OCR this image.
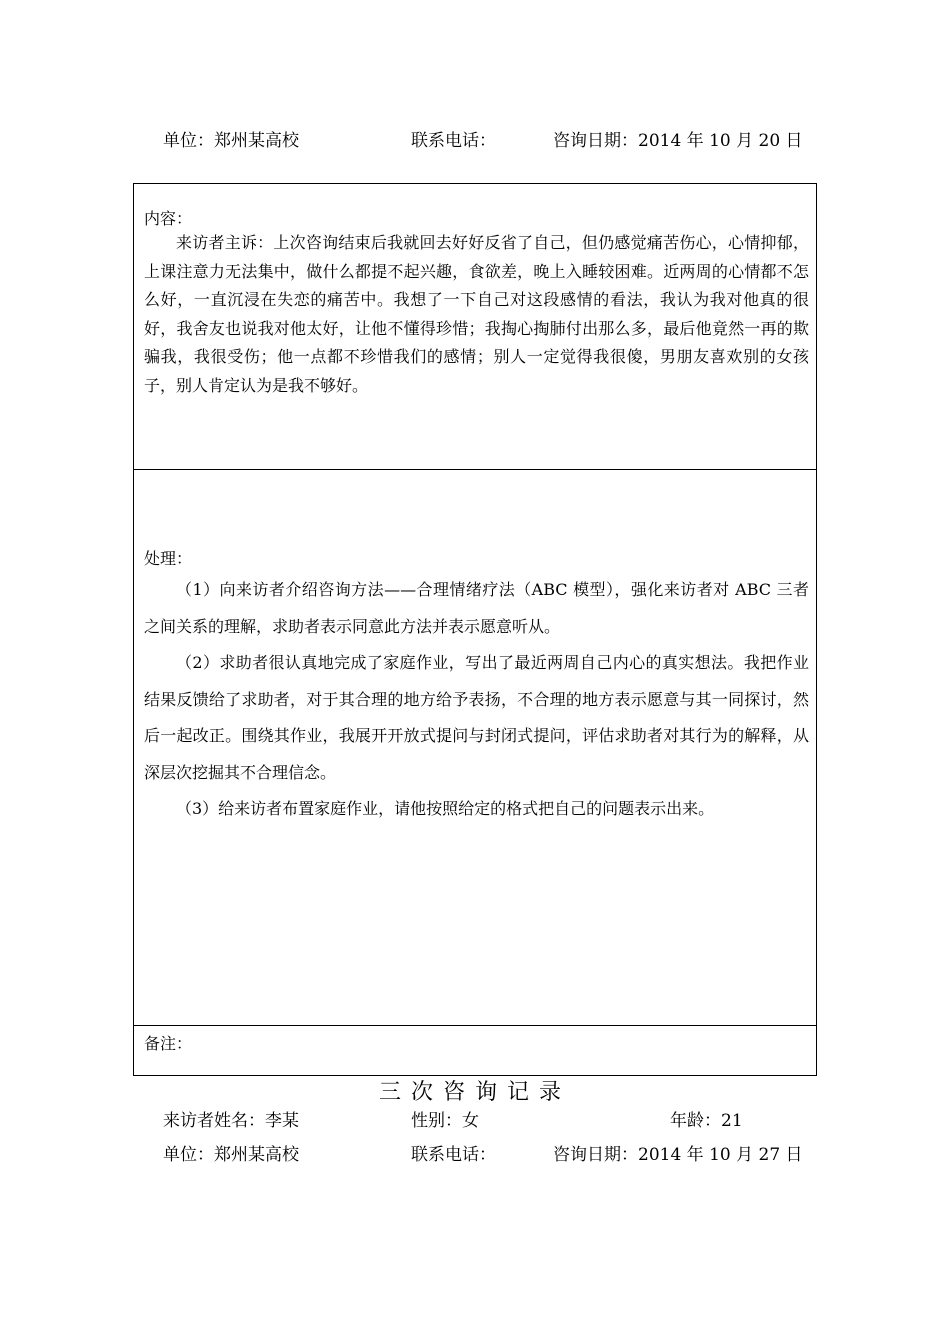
单位：郑州某高校	联系电话：	咨询日期：2014 年 10 月 20 日
内容：

来访者主诉：上次咨询结束后我就回去好好反省了自己，但仍感觉痛苦伤心，心情抑郁，上课注意力无法集中，做什么都提不起兴趣，食欲差，晚上入睡较困难。近两周的心情都不怎么好，一直沉浸在失恋的痛苦中。我想了一下自己对这段感情的看法，我认为我对他真的很好，我舍友也说我对他太好，让他不懂得珍惜；我掏心掏肺付出那么多，最后他竟然一再的欺骗我，我很受伤；他一点都不珍惜我们的感情；别人一定觉得我很傻，男朋友喜欢别的女孩子，别人肯定认为是我不够好。

处理：

（1）向来访者介绍咨询方法——合理情绪疗法（ABC 模型），强化来访者对 ABC 三者之间关系的理解，求助者表示同意此方法并表示愿意听从。

（2）求助者很认真地完成了家庭作业，写出了最近两周自己内心的真实想法。我把作业结果反馈给了求助者，对于其合理的地方给予表扬，不合理的地方表示愿意与其一同探讨，然后一起改正。围绕其作业，我展开开放式提问与封闭式提问，评估求助者对其行为的解释，从深层次挖掘其不合理信念。

（3）给来访者布置家庭作业，请他按照给定的格式把自己的问题表示出来。

备注：
三次咨询记录
来访者姓名：李某	性别：女	年龄：21
单位：郑州某高校	联系电话：	咨询日期：2014 年 10 月 27 日
